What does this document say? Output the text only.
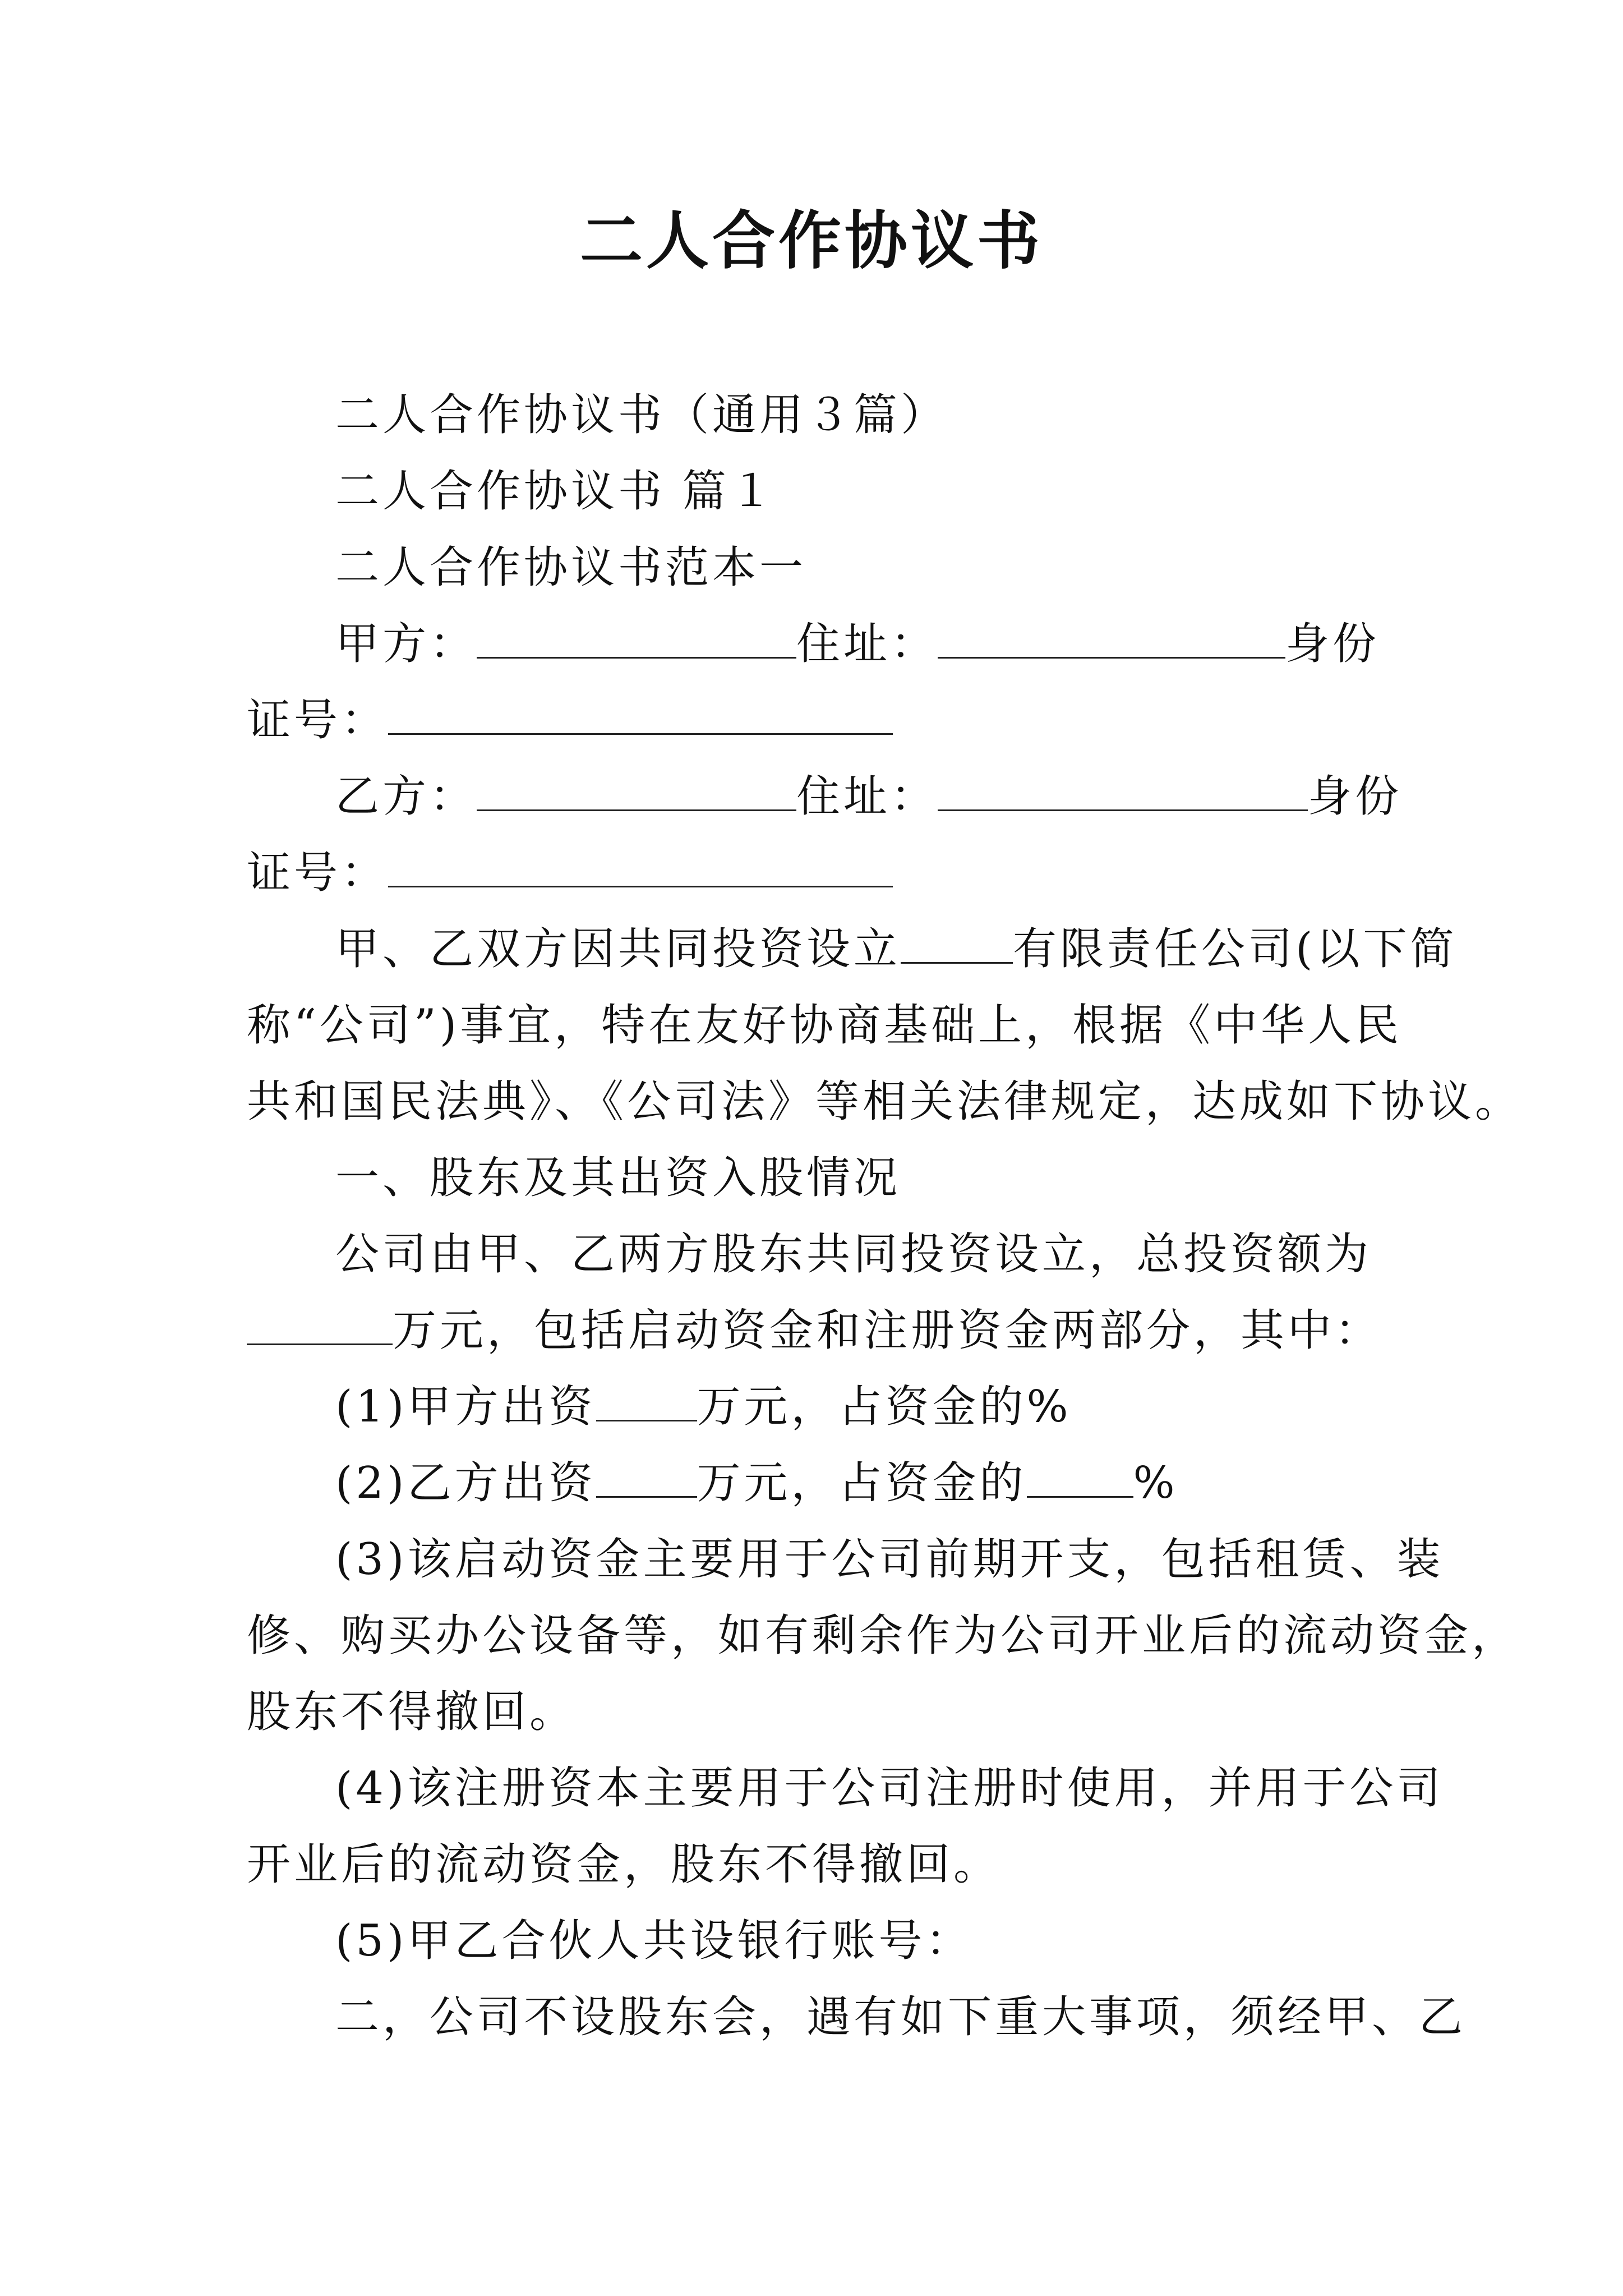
二人合作协议书
二人合作协议书（通用３篇）
二人合作协议书 篇１
二人合作协议书范本一
甲方：	住址：	身份
证号：
乙方：	住址：	身份
证号：
甲、乙双方因共同投资设立	有限责任公司(以下简
称“公司”)事宜，特在友好协商基础上，根据《中华人民
共和国民法典》、《公司法》等相关法律规定，达成如下协议。
一、股东及其出资入股情况
公司由甲、乙两方股东共同投资设立，总投资额为
万元，包括启动资金和注册资金两部分，其中：
(1)甲方出资 万元，占资金的%
(2)乙方出资 万元，占资金的 %
(3)该启动资金主要用于公司前期开支，包括租赁、装
修、购买办公设备等，如有剩余作为公司开业后的流动资金，
股东不得撤回。
(4)该注册资本主要用于公司注册时使用，并用于公司
开业后的流动资金，股东不得撤回。
(5)甲乙合伙人共设银行账号：
二，公司不设股东会，遇有如下重大事项，须经甲、乙
